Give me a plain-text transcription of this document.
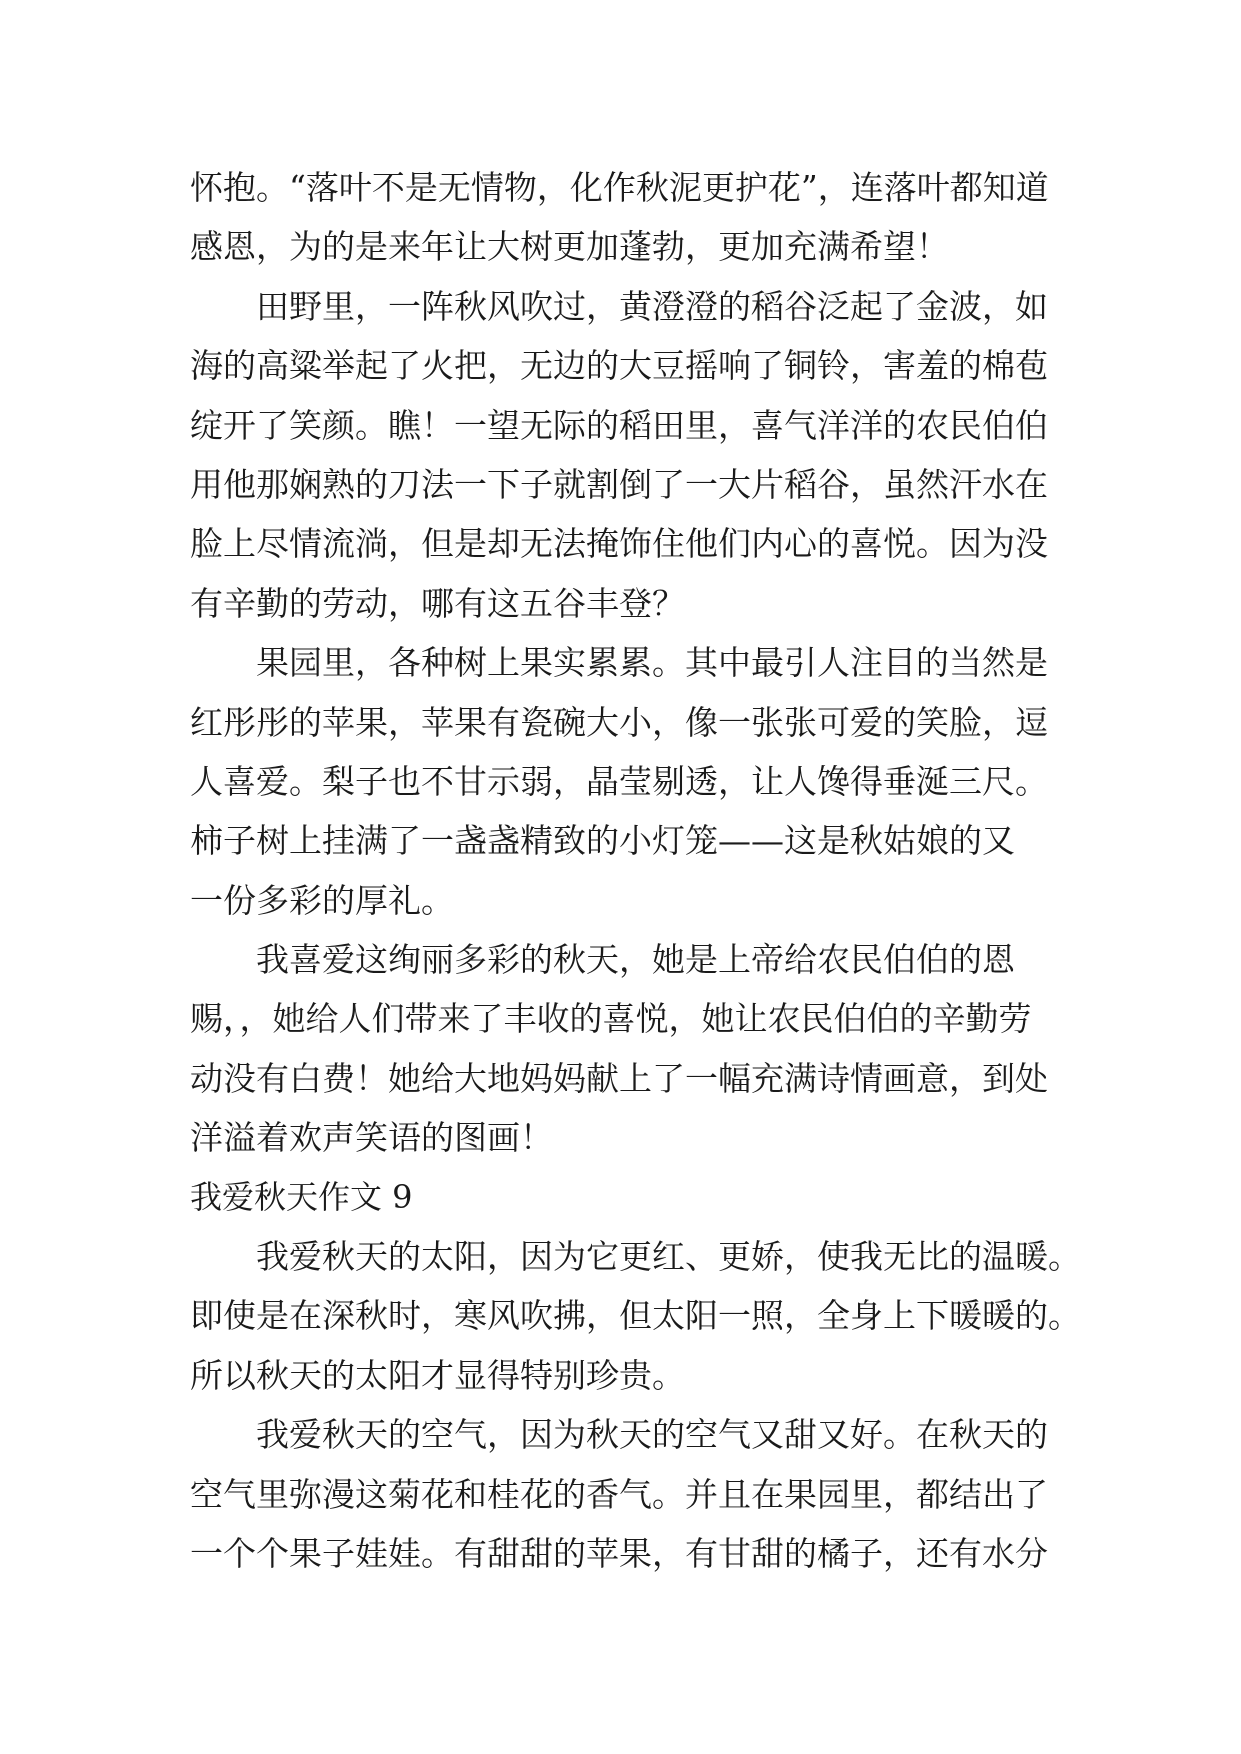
怀抱。“落叶不是无情物，化作秋泥更护花”，连落叶都知道
感恩，为的是来年让大树更加蓬勃，更加充满希望！
田野里，一阵秋风吹过，黄澄澄的稻谷泛起了金波，如
海的高粱举起了火把，无边的大豆摇响了铜铃，害羞的棉苞
绽开了笑颜。瞧！一望无际的稻田里，喜气洋洋的农民伯伯
用他那娴熟的刀法一下子就割倒了一大片稻谷，虽然汗水在
脸上尽情流淌，但是却无法掩饰住他们内心的喜悦。因为没
有辛勤的劳动，哪有这五谷丰登？
果园里，各种树上果实累累。其中最引人注目的当然是
红彤彤的苹果，苹果有瓷碗大小，像一张张可爱的笑脸，逗
人喜爱。梨子也不甘示弱，晶莹剔透，让人馋得垂涎三尺。
柿子树上挂满了一盏盏精致的小灯笼——这是秋姑娘的又
一份多彩的厚礼。
我喜爱这绚丽多彩的秋天，她是上帝给农民伯伯的恩
赐，，她给人们带来了丰收的喜悦，她让农民伯伯的辛勤劳
动没有白费！她给大地妈妈献上了一幅充满诗情画意，到处
洋溢着欢声笑语的图画！
我爱秋天作文 9
我爱秋天的太阳，因为它更红、更娇，使我无比的温暖。
即使是在深秋时，寒风吹拂，但太阳一照，全身上下暖暖的。
所以秋天的太阳才显得特别珍贵。
我爱秋天的空气，因为秋天的空气又甜又好。在秋天的
空气里弥漫这菊花和桂花的香气。并且在果园里，都结出了
一个个果子娃娃。有甜甜的苹果，有甘甜的橘子，还有水分
